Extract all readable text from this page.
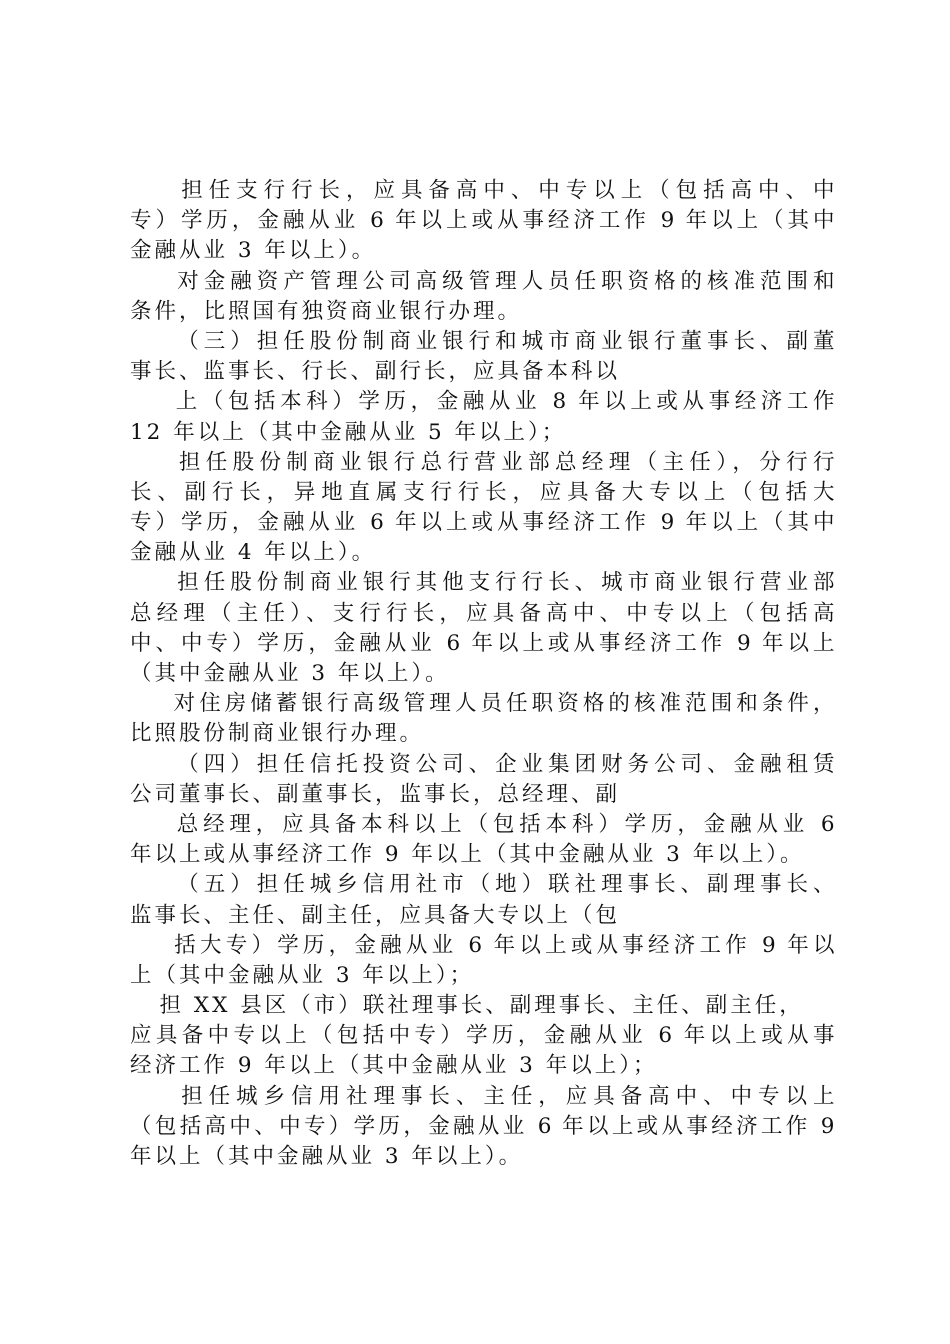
担任支行行长，应具备高中、中专以上（包括高中、中
专）学历，金融从业 6 年以上或从事经济工作 9 年以上（其中
金融从业 3 年以上）。
对金融资产管理公司高级管理人员任职资格的核准范围和
条件，比照国有独资商业银行办理。
（三）担任股份制商业银行和城市商业银行董事长、副董
事长、监事长、行长、副行长，应具备本科以
上（包括本科）学历，金融从业 8 年以上或从事经济工作
12 年以上（其中金融从业 5 年以上）；
担任股份制商业银行总行营业部总经理（主任），分行行
长、副行长，异地直属支行行长，应具备大专以上（包括大
专）学历，金融从业 6 年以上或从事经济工作 9 年以上（其中
金融从业 4 年以上）。
担任股份制商业银行其他支行行长、城市商业银行营业部
总经理（主任）、支行行长，应具备高中、中专以上（包括高
中、中专）学历，金融从业 6 年以上或从事经济工作 9 年以上
（其中金融从业 3 年以上）。
对住房储蓄银行高级管理人员任职资格的核准范围和条件，
比照股份制商业银行办理。
（四）担任信托投资公司、企业集团财务公司、金融租赁
公司董事长、副董事长，监事长，总经理、副
总经理，应具备本科以上（包括本科）学历，金融从业 6
年以上或从事经济工作 9 年以上（其中金融从业 3 年以上）。
（五）担任城乡信用社市（地）联社理事长、副理事长、
监事长、主任、副主任，应具备大专以上（包
括大专）学历，金融从业 6 年以上或从事经济工作 9 年以
上（其中金融从业 3 年以上）；
担 XX 县区（市）联社理事长、副理事长、主任、副主任，
应具备中专以上（包括中专）学历，金融从业 6 年以上或从事
经济工作 9 年以上（其中金融从业 3 年以上）；
担任城乡信用社理事长、主任，应具备高中、中专以上
（包括高中、中专）学历，金融从业 6 年以上或从事经济工作 9
年以上（其中金融从业 3 年以上）。
